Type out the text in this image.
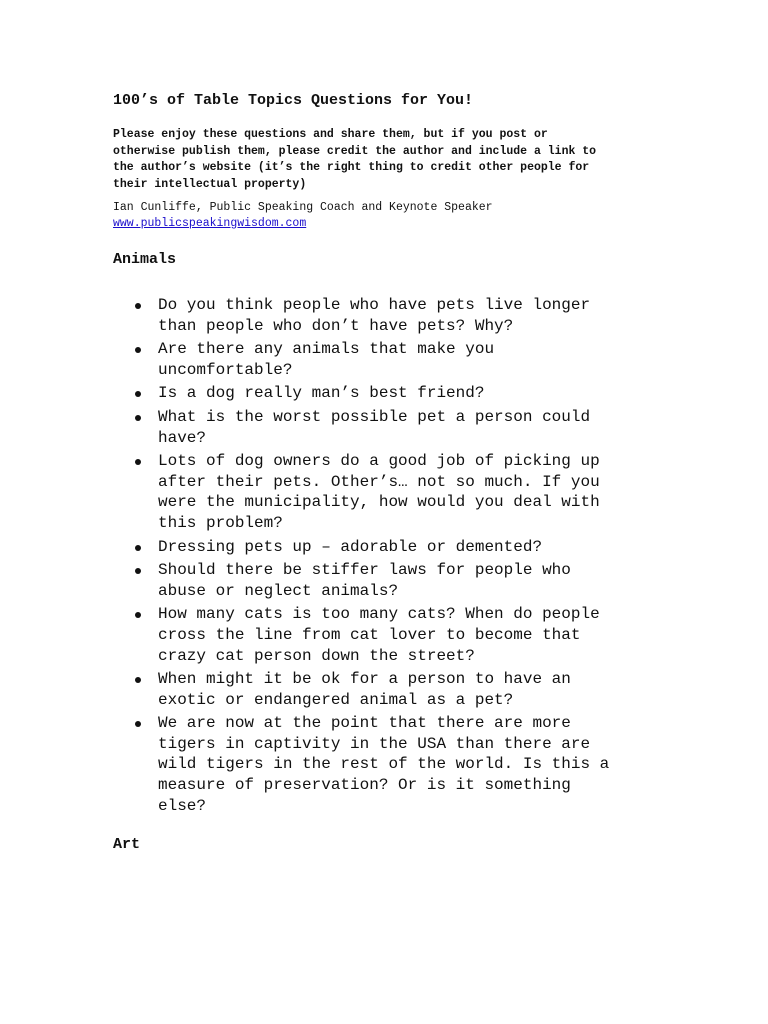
100’s of Table Topics Questions for You!
Please enjoy these questions and share them, but if you post or
otherwise publish them, please credit the author and include a link to
the author’s website (it’s the right thing to credit other people for
their intellectual property)
Ian Cunliffe, Public Speaking Coach and Keynote Speaker
www.publicspeakingwisdom.com
Animals
Do you think people who have pets live longer
than people who don’t have pets? Why?
Are there any animals that make you
uncomfortable?
Is a dog really man’s best friend?
What is the worst possible pet a person could
have?
Lots of dog owners do a good job of picking up
after their pets. Other’s… not so much. If you
were the municipality, how would you deal with
this problem?
Dressing pets up – adorable or demented?
Should there be stiffer laws for people who
abuse or neglect animals?
How many cats is too many cats? When do people
cross the line from cat lover to become that
crazy cat person down the street?
When might it be ok for a person to have an
exotic or endangered animal as a pet?
We are now at the point that there are more
tigers in captivity in the USA than there are
wild tigers in the rest of the world. Is this a
measure of preservation? Or is it something
else?
Art
